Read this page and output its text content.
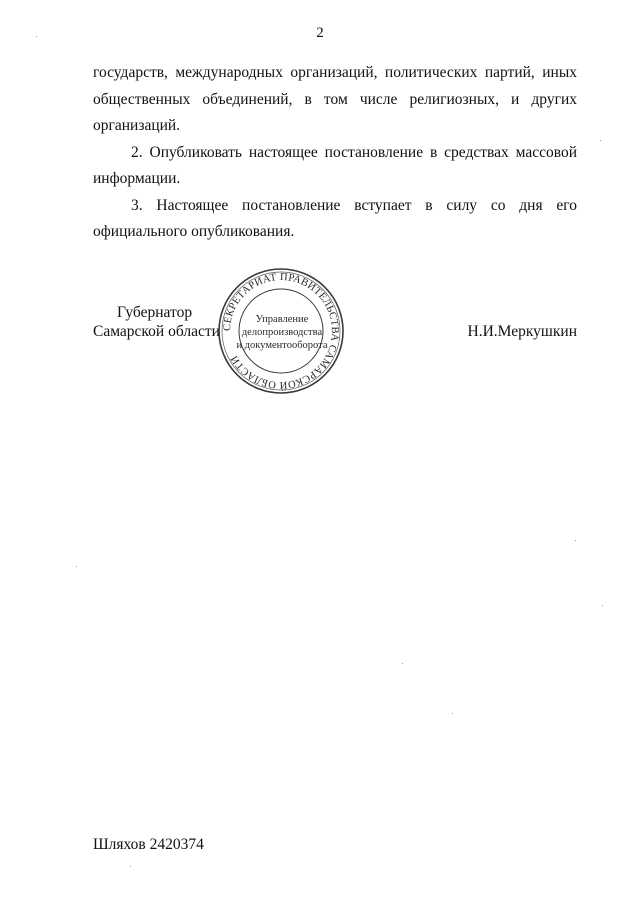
2

государств, международных организаций, политических партий, иных общественных объединений, в том числе религиозных, и других организаций.

2. Опубликовать настоящее постановление в средствах массовой информации.

3. Настоящее постановление вступает в силу со дня его официального опубликования.

Губернатор
Самарской области СЕКРЕТАРИАТ ПРАВИТЕЛЬСТВА САМАРСКОЙ ОБЛАСТИ
Управление
делопроизводства
и документооборота
Н.И.Меркушкин
Шляхов 2420374
